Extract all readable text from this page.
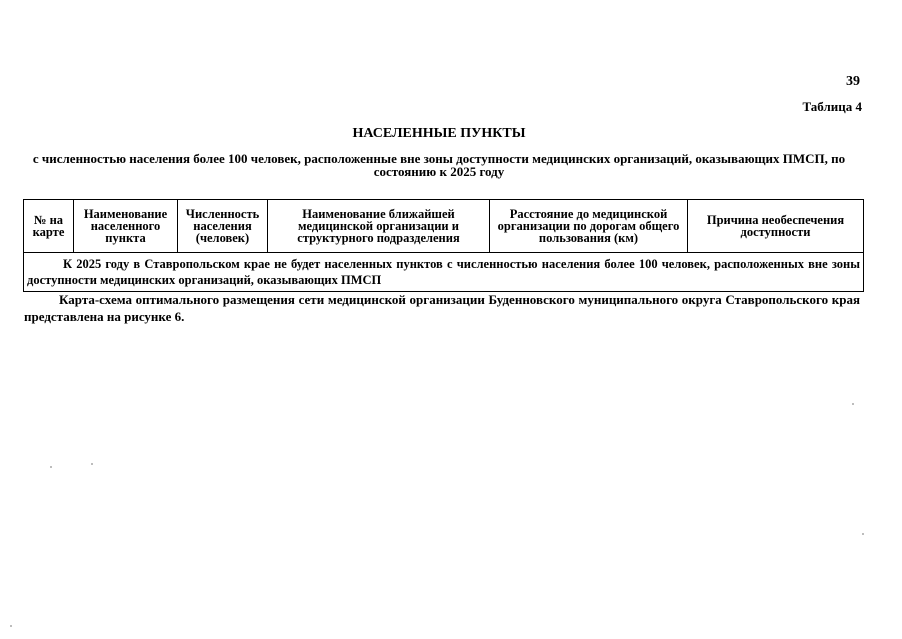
39
Таблица 4
НАСЕЛЕННЫЕ ПУНКТЫ
с численностью населения более 100 человек, расположенные вне зоны доступности медицинских организаций, оказывающих ПМСП, по состоянию к 2025 году
№ на карте	Наименование населенного пункта	Численность населения (человек)	Наименование ближайшей медицинской организации и структурного подразделения	Расстояние до медицинской организации по дорогам общего пользования (км)	Причина необеспечения доступности
К 2025 году в Ставропольском крае не будет населенных пунктов с численностью населения более 100 человек, расположенных вне зоны доступности медицинских организаций, оказывающих ПМСП
Карта-схема оптимального размещения сети медицинской организации Буденновского муниципального округа Ставропольского края представлена на рисунке 6.
